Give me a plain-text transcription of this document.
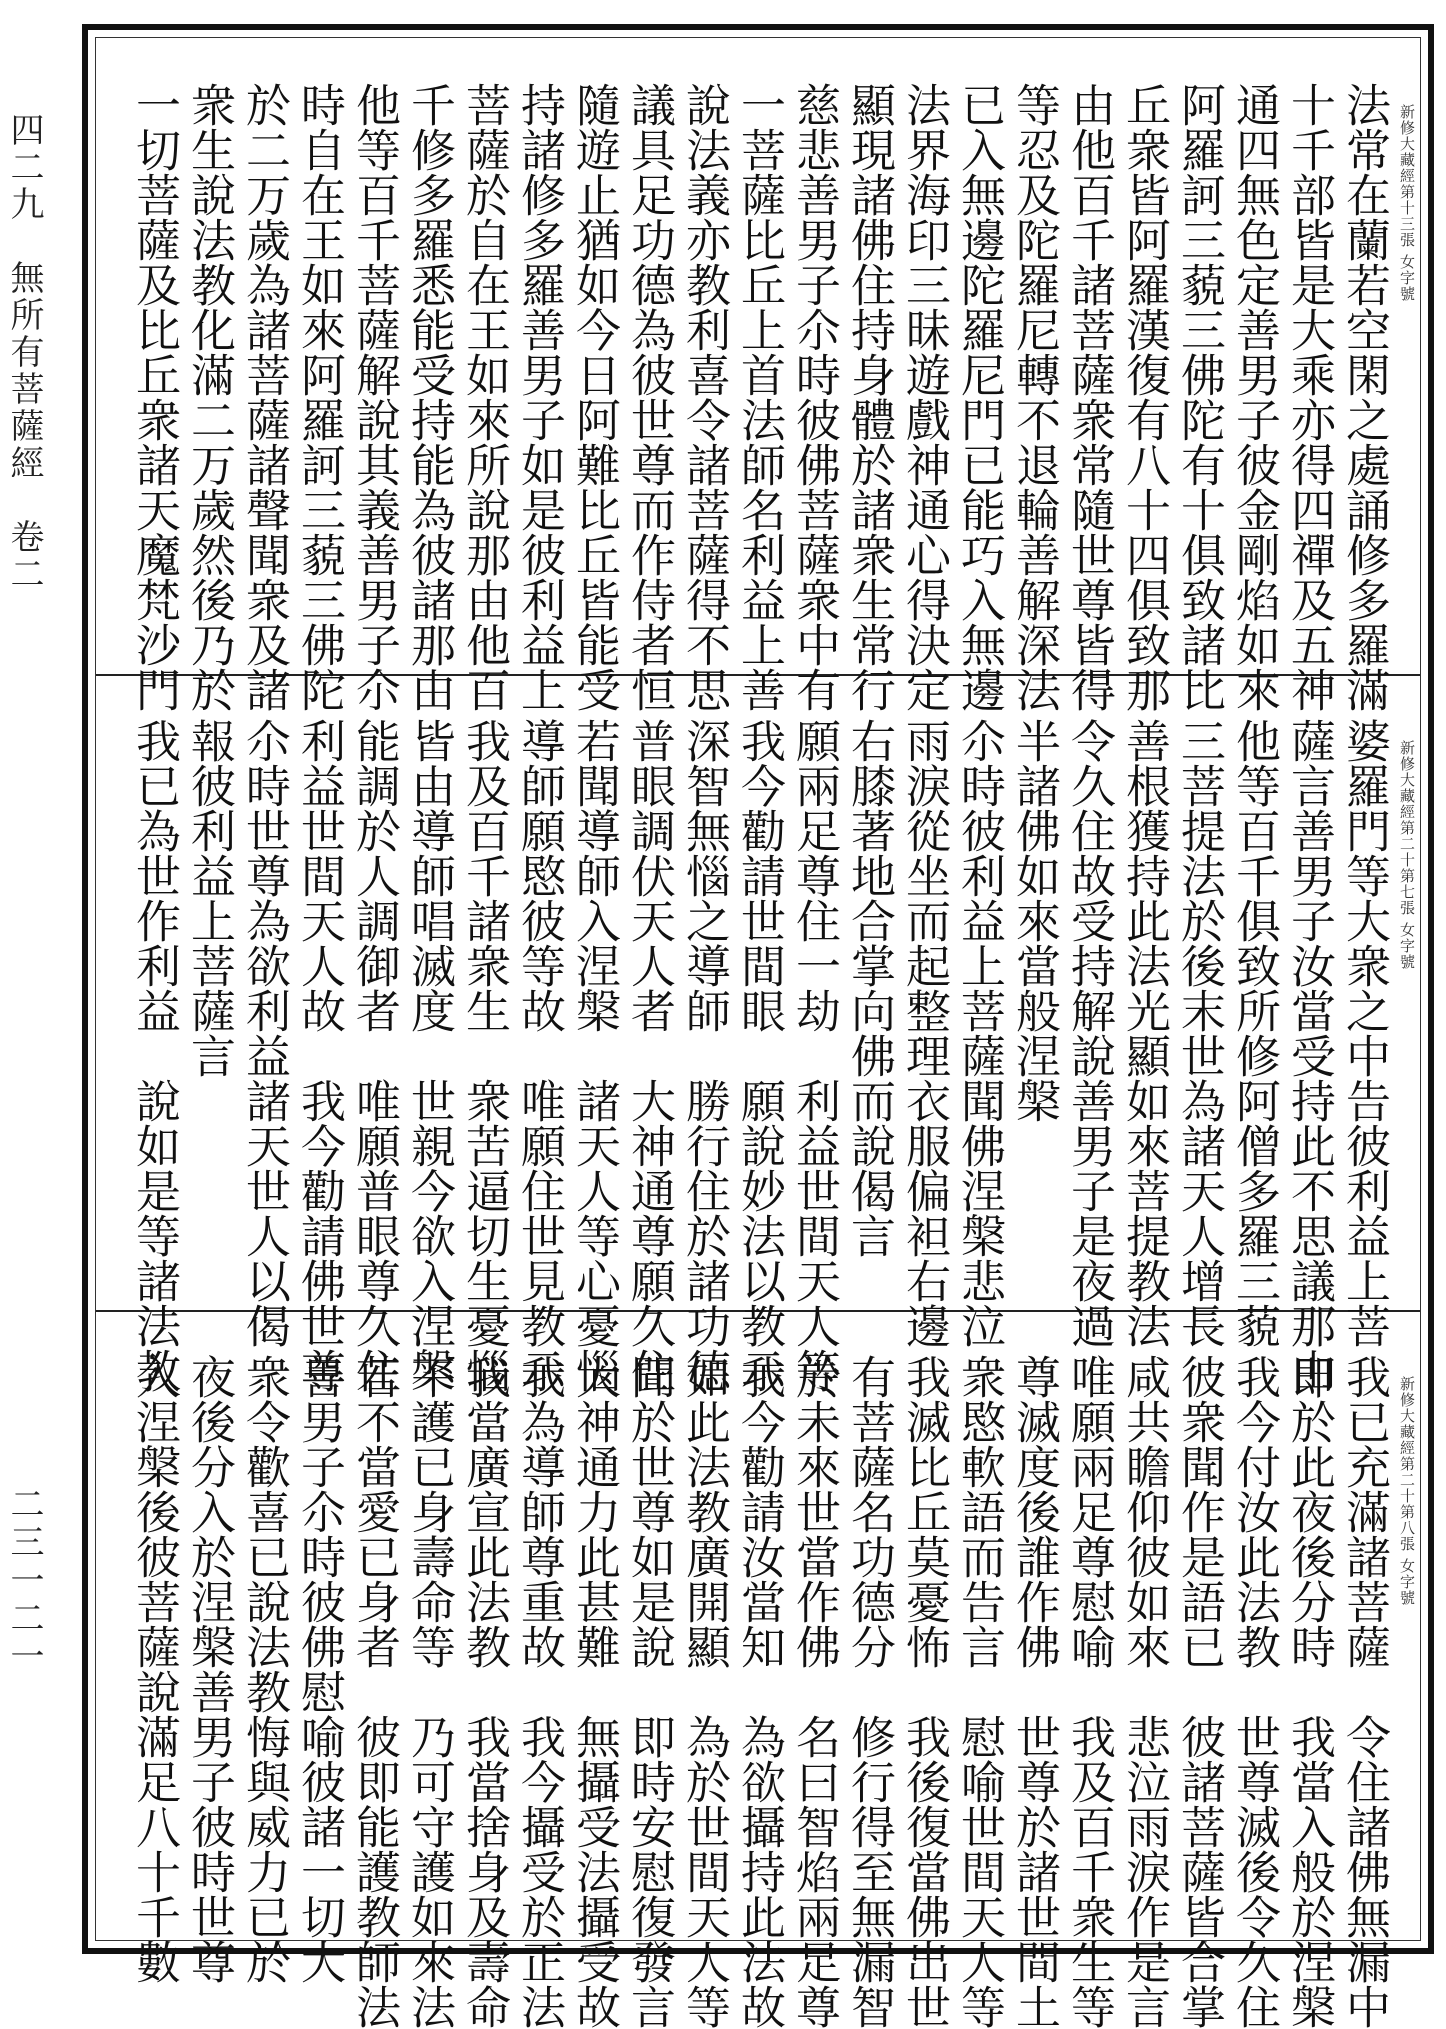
四二九　無所有菩薩經　卷二
二三一二一
新修大藏經第十三張 女字號
法常在蘭若空閑之處誦修多羅滿
十千部皆是大乘亦得四禪及五神
通四無色定善男子彼金剛焰如來
阿羅訶三藐三佛陀有十俱致諸比
丘衆皆阿羅漢復有八十四俱致那
由他百千諸菩薩衆常隨世尊皆得
等忍及陀羅尼轉不退輪善解深法
已入無邊陀羅尼門已能巧入無邊
法界海印三昧遊戲神通心得決定
顯現諸佛住持身體於諸衆生常行
慈悲善男子尒時彼佛菩薩衆中有
一菩薩比丘上首法師名利益上善
說法義亦教利喜令諸菩薩得不思
議具足功德為彼世尊而作侍者恒
隨遊止猶如今日阿難比丘皆能受
持諸修多羅善男子如是彼利益上
菩薩於自在王如來所說那由他百
千修多羅悉能受持能為彼諸那由
他等百千菩薩解說其義善男子尒
時自在王如來阿羅訶三藐三佛陀
於二万歲為諸菩薩諸聲聞衆及諸
衆生說法教化滿二万歲然後乃於
一切菩薩及比丘衆諸天魔梵沙門
新修大藏經第二十第七張 女字號
婆羅門等大衆之中告彼利益上菩
薩言善男子汝當受持此不思議那由
他等百千俱致所修阿僧多羅三藐
三菩提法於後末世為諸天人增長
善根獲持此法光顯如來菩提教法
令久住故受持解說善男子是夜過
半諸佛如來當般涅槃
尒時彼利益上菩薩聞佛涅槃悲泣
雨淚從坐而起整理衣服偏袒右邊
右膝著地合掌向佛而說偈言
願兩足尊住一劫　利益世間天人等
我今勸請世間眼　願說妙法以教示
深智無惱之導師　勝行住於諸功德
普眼調伏天人者　大神通尊願久住
若聞導師入涅槃　諸天人等心憂惱
導師願愍彼等故　唯願住世見教示
我及百千諸衆生　衆苦逼切生憂惱
皆由導師唱滅度　世親今欲入涅槃
能調於人調御者　唯願普眼尊久住
利益世間天人故　我今勸請佛世尊
尒時世尊為欲利益諸天世人以偈
報彼利益上菩薩言
我已為世作利益　說如是等諸法教
新修大藏經第二十第八張 女字號
我已充滿諸菩薩　令住諸佛無漏中
即於此夜後分時　我當入般於涅槃
我今付汝此法教　世尊滅後令久住
彼衆聞作是語已　彼諸菩薩皆合掌
咸共瞻仰彼如來　悲泣雨淚作是言
唯願兩足尊慰喻　我及百千衆生等
尊滅度後誰作佛　世尊於諸世間土
衆愍軟語而告言　慰喻世間天人等
我滅比丘莫憂怖　我後復當佛出世
有菩薩名功德分　修行得至無漏智
於未來世當作佛　名曰智焰兩足尊
我今勸請汝當知　為欲攝持此法故
如此法教廣開顯　為於世間天人等
聞於世尊如是說　即時安慰復發言
大神通力此甚難　無攝受法攝受故
我為導師尊重故　我今攝受於正法
我當廣宣此法教　我當捨身及壽命
不護已身壽命等　乃可守護如來法
若不當愛已身者　彼即能護教師法
善男子尒時彼佛慰喻彼諸一切大
衆令歡喜已說法教悔與威力已於
夜後分入於涅槃善男子彼時世尊
入涅槃後彼菩薩說滿足八十千數
